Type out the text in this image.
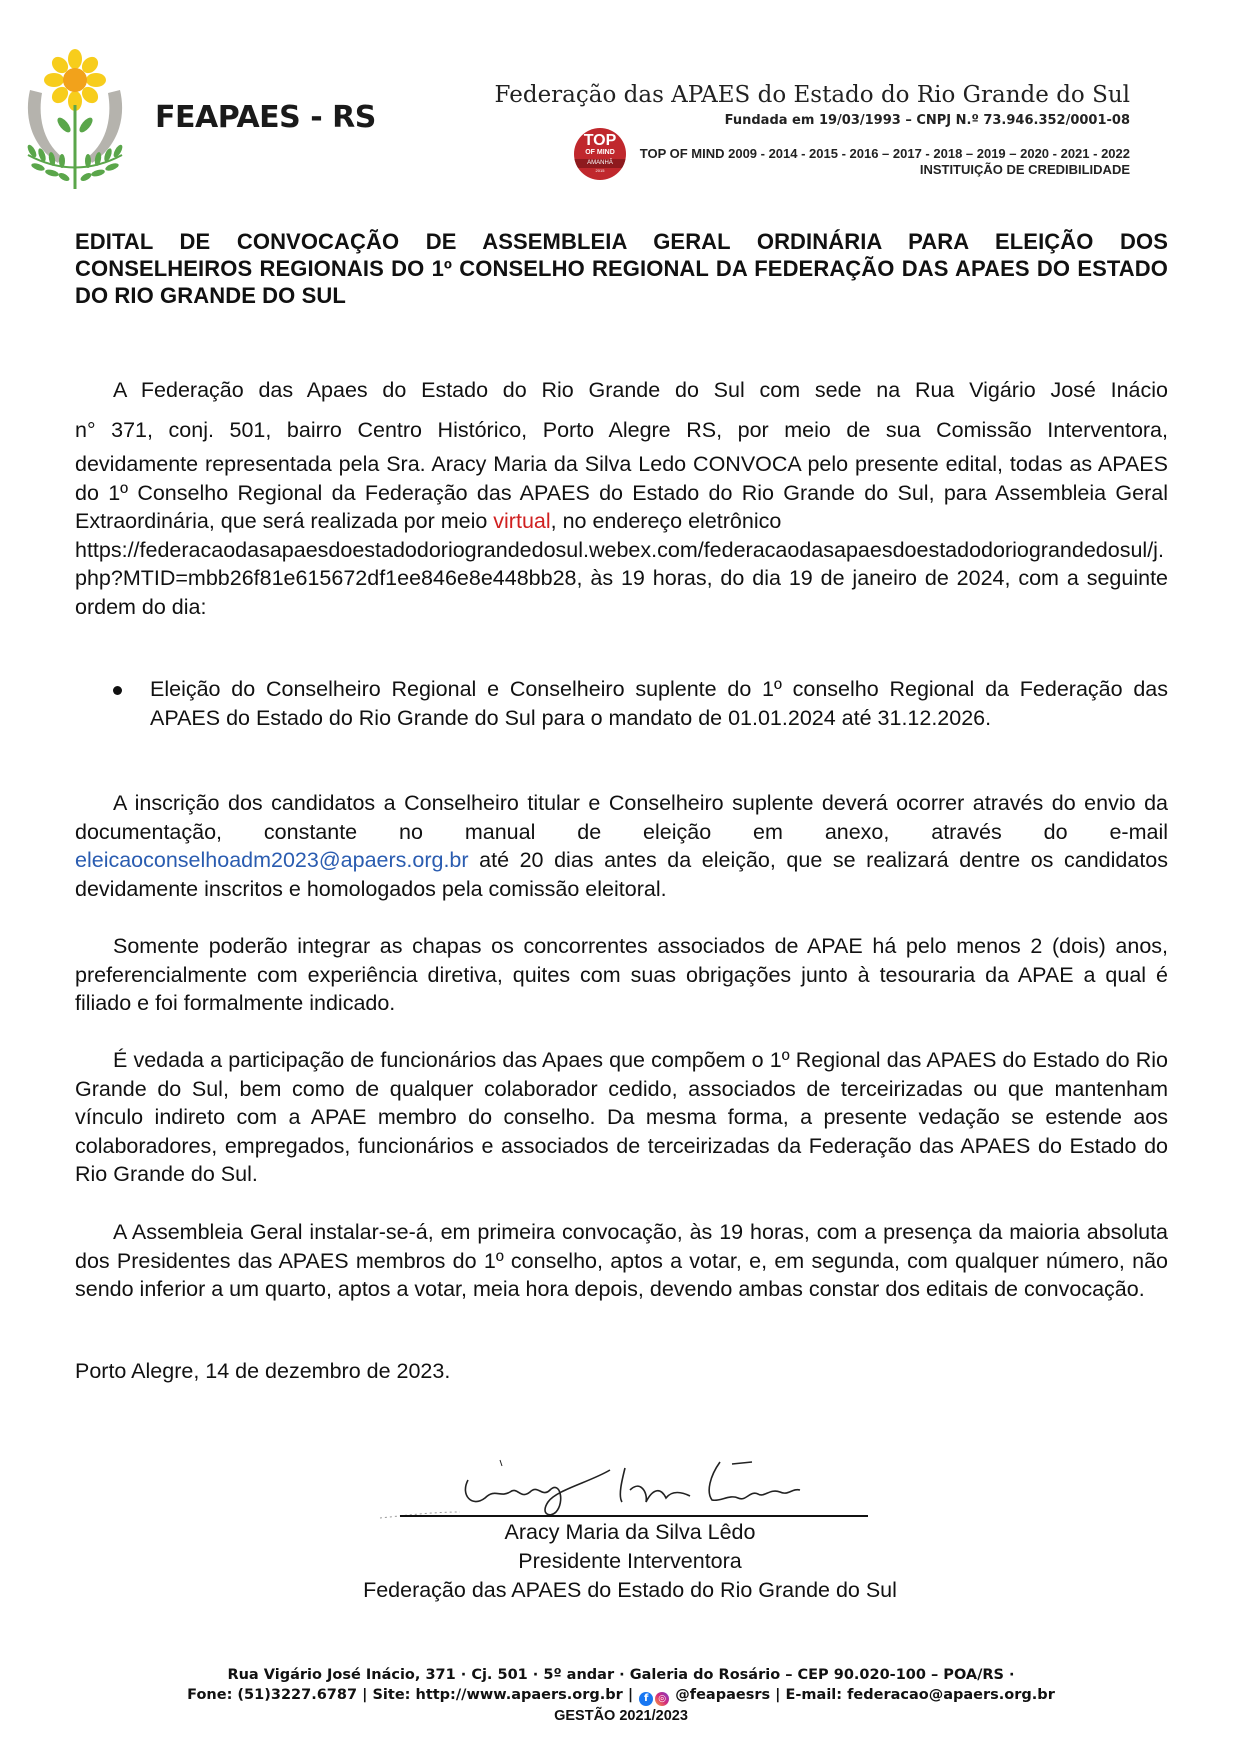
FEAPAES - RS
Federação das APAES do Estado do Rio Grande do Sul
Fundada em 19/03/1993 – CNPJ N.º 73.946.352/0001-08
TOP
OF MIND
AMANHÃ
2015
TOP OF MIND 2009 - 2014 - 2015 - 2016 – 2017 - 2018 – 2019 – 2020 - 2021 - 2022
INSTITUIÇÃO DE CREDIBILIDADE
EDITAL DE CONVOCAÇÃO DE ASSEMBLEIA GERAL ORDINÁRIA PARA ELEIÇÃO DOS CONSELHEIROS REGIONAIS DO 1º CONSELHO REGIONAL DA FEDERAÇÃO DAS APAES DO ESTADO DO RIO GRANDE DO SUL
A Federação das Apaes do Estado do Rio Grande do Sul com sede na Rua Vigário José Inácio
n° 371, conj. 501, bairro Centro Histórico, Porto Alegre RS, por meio de sua Comissão Interventora,
devidamente representada pela Sra. Aracy Maria da Silva Ledo CONVOCA pelo presente edital, todas as APAES do 1º Conselho Regional da Federação das APAES do Estado do Rio Grande do Sul, para Assembleia Geral Extraordinária, que será realizada por meio virtual, no endereço eletrônico
https://federacaodasapaesdoestadodoriograndedosul.webex.com/federacaodasapaesdoestadodoriograndedosul/j.php?MTID=mbb26f81e615672df1ee846e8e448bb28, às 19 horas, do dia 19 de janeiro de 2024, com a seguinte ordem do dia:
Eleição do Conselheiro Regional e Conselheiro suplente do 1º conselho Regional da Federação das APAES do Estado do Rio Grande do Sul para o mandato de 01.01.2024 até 31.12.2026.
A inscrição dos candidatos a Conselheiro titular e Conselheiro suplente deverá ocorrer através do envio da documentação, constante no manual de eleição em anexo, através do e-mail eleicaoconselhoadm2023@apaers.org.br até 20 dias antes da eleição, que se realizará dentre os candidatos devidamente inscritos e homologados pela comissão eleitoral.
Somente poderão integrar as chapas os concorrentes associados de APAE há pelo menos 2 (dois) anos, preferencialmente com experiência diretiva, quites com suas obrigações junto à tesouraria da APAE a qual é filiado e foi formalmente indicado.
É vedada a participação de funcionários das Apaes que compõem o 1º Regional das APAES do Estado do Rio Grande do Sul, bem como de qualquer colaborador cedido, associados de terceirizadas ou que mantenham vínculo indireto com a APAE membro do conselho. Da mesma forma, a presente vedação se estende aos colaboradores, empregados, funcionários e associados de terceirizadas da Federação das APAES do Estado do Rio Grande do Sul.
A Assembleia Geral instalar-se-á, em primeira convocação, às 19 horas, com a presença da maioria absoluta dos Presidentes das APAES membros do 1º conselho, aptos a votar, e, em segunda, com qualquer número, não sendo inferior a um quarto, aptos a votar, meia hora depois, devendo ambas constar dos editais de convocação.
Porto Alegre, 14 de dezembro de 2023.
Aracy Maria da Silva Lêdo
Presidente Interventora
Federação das APAES do Estado do Rio Grande do Sul
Rua Vigário José Inácio, 371 · Cj. 501 · 5º andar · Galeria do Rosário – CEP 90.020-100 – POA/RS ·
Fone: (51)3227.6787 | Site: http://www.apaers.org.br | f ◎ @feapaesrs | E-mail: federacao@apaers.org.br
GESTÃO 2021/2023
